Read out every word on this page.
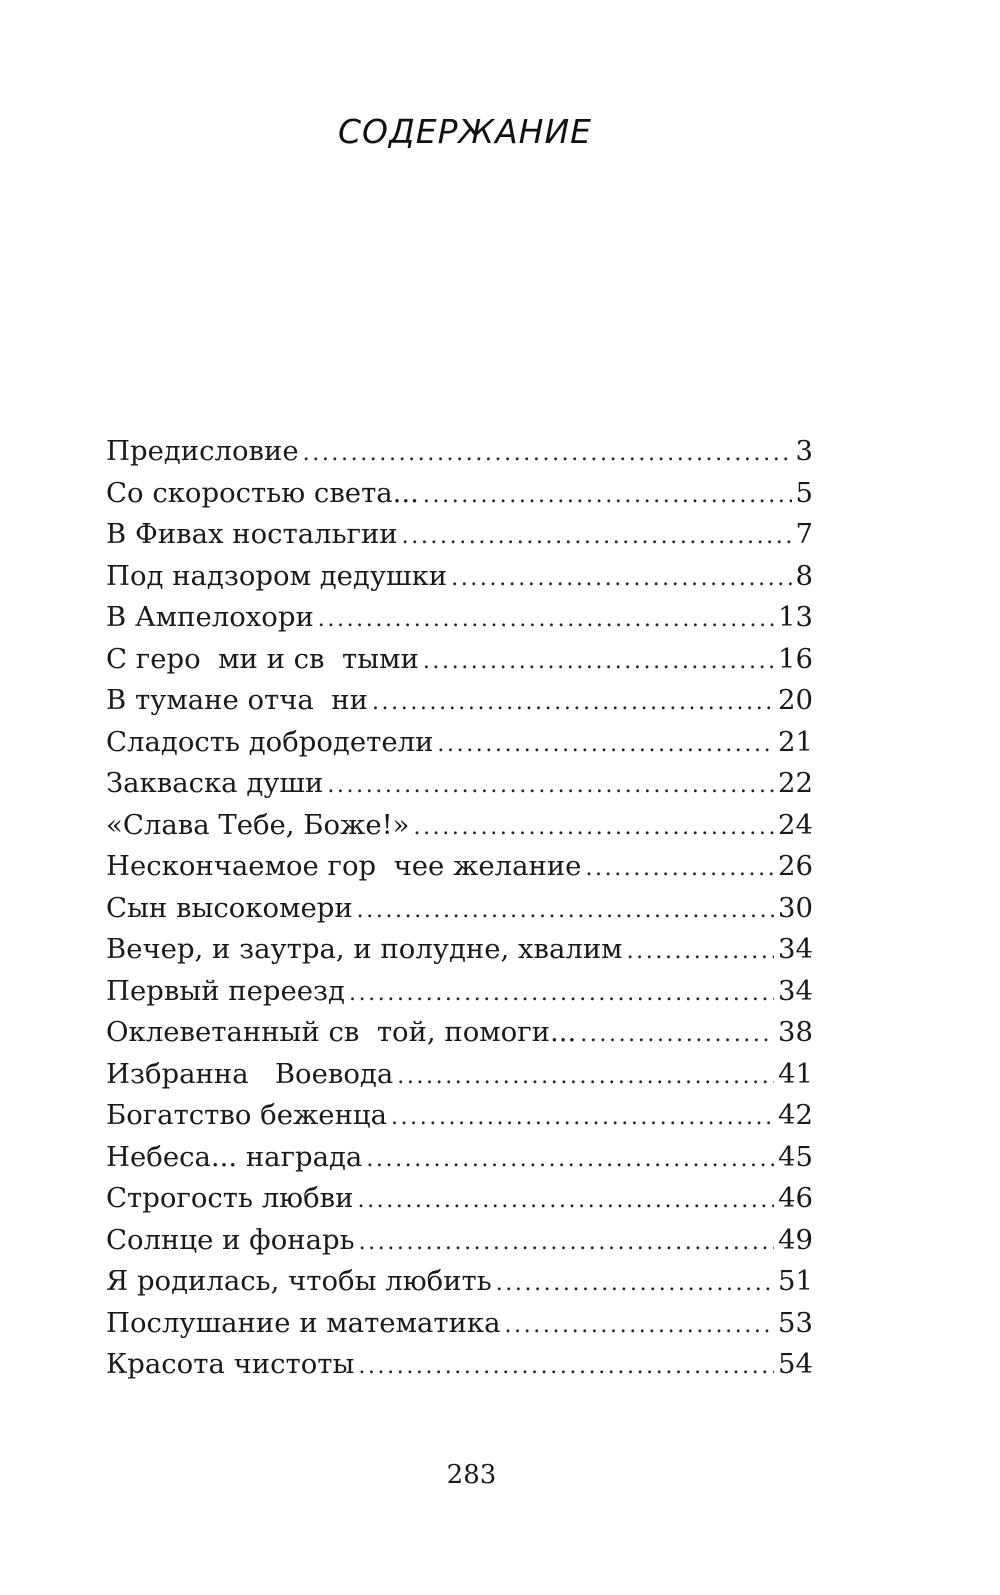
СОДЕРЖАНИЕ
Предисловие .....	3
Со скоростью света... .....	5
В Фивах ностальгии .....	7
Под надзором дедушки .....	8
В Ампелохори .....	13
С геро  ми и св  тыми .....	16
В тумане отча  ни .....	20
Сладость добродетели .....	21
Закваска души .....	22
«Слава Тебе, Боже!» .....	24
Нескончаемое гор  чее желание .....	26
Сын высокомери .....	30
Вечер, и заутра, и полудне, хвалим .....	34
Первый переезд .....	34
Оклеветанный св  той, помоги... .....	38
Избранна   Воевода .....	41
Богатство беженца .....	42
Небеса... награда .....	45
Строгость любви .....	46
Солнце и фонарь .....	49
Я родилась, чтобы любить .....	51
Послушание и математика .....	53
Красота чистоты .....	54
283
